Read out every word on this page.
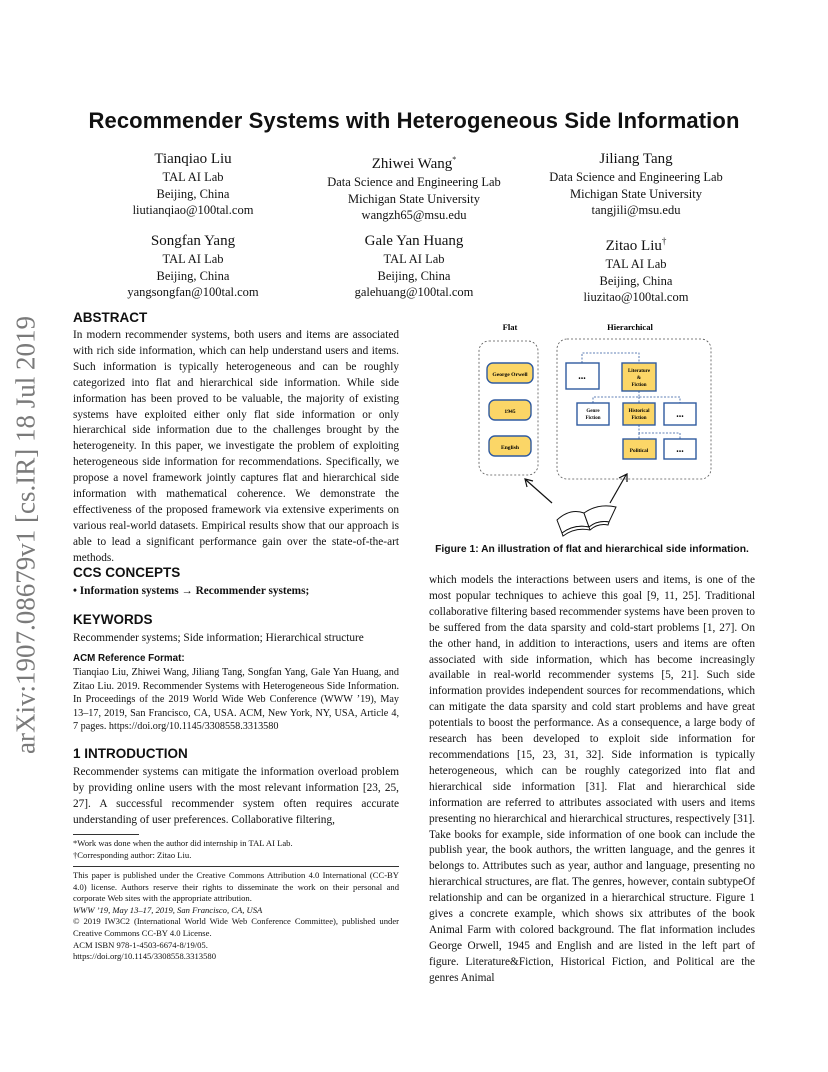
Recommender Systems with Heterogeneous Side Information
Tianqiao Liu
TAL AI Lab
Beijing, China
liutianqiao@100tal.com
Zhiwei Wang*
Data Science and Engineering Lab
Michigan State University
wangzh65@msu.edu
Jiliang Tang
Data Science and Engineering Lab
Michigan State University
tangjili@msu.edu
Songfan Yang
TAL AI Lab
Beijing, China
yangsongfan@100tal.com
Gale Yan Huang
TAL AI Lab
Beijing, China
galehuang@100tal.com
Zitao Liu†
TAL AI Lab
Beijing, China
liuzitao@100tal.com
arXiv:1907.08679v1 [cs.IR] 18 Jul 2019 ABSTRACT
In modern recommender systems, both users and items are associated with rich side information, which can help understand users and items. Such information is typically heterogeneous and can be roughly categorized into flat and hierarchical side information. While side information has been proved to be valuable, the majority of existing systems have exploited either only flat side information or only hierarchical side information due to the challenges brought by the heterogeneity. In this paper, we investigate the problem of exploiting heterogeneous side information for recommendations. Specifically, we propose a novel framework jointly captures flat and hierarchical side information with mathematical coherence. We demonstrate the effectiveness of the proposed framework via extensive experiments on various real-world datasets. Empirical results show that our approach is able to lead a significant performance gain over the state-of-the-art methods.
CCS CONCEPTS
• Information systems → Recommender systems;
KEYWORDS
Recommender systems; Side information; Hierarchical structure
ACM Reference Format:
Tianqiao Liu, Zhiwei Wang, Jiliang Tang, Songfan Yang, Gale Yan Huang, and Zitao Liu. 2019. Recommender Systems with Heterogeneous Side Information. In Proceedings of the 2019 World Wide Web Conference (WWW ’19), May 13–17, 2019, San Francisco, CA, USA. ACM, New York, NY, USA, Article 4, 7 pages. https://doi.org/10.1145/3308558.3313580
1 INTRODUCTION
Recommender systems can mitigate the information overload problem by providing online users with the most relevant information [23, 25, 27]. A successful recommender system often requires accurate understanding of user preferences. Collaborative filtering,
*Work was done when the author did internship in TAL AI Lab.
†Corresponding author: Zitao Liu.
This paper is published under the Creative Commons Attribution 4.0 International (CC-BY 4.0) license. Authors reserve their rights to disseminate the work on their personal and corporate Web sites with the appropriate attribution.
WWW ’19, May 13–17, 2019, San Francisco, CA, USA
© 2019 IW3C2 (International World Wide Web Conference Committee), published under Creative Commons CC-BY 4.0 License.
ACM ISBN 978-1-4503-6674-8/19/05.
https://doi.org/10.1145/3308558.3313580
Flat	Hierarchical
George Orwell
1945
English
...	Literature
&
Fiction
Genre
Fiction
Historical
Fiction	...
Political	...
Figure 1: An illustration of flat and hierarchical side information.
which models the interactions between users and items, is one of the most popular techniques to achieve this goal [9, 11, 25]. Traditional collaborative filtering based recommender systems have been proven to be suffered from the data sparsity and cold-start problems [1, 27]. On the other hand, in addition to interactions, users and items are often associated with side information, which has become increasingly available in real-world recommender systems [5, 21]. Such side information provides independent sources for recommendations, which can mitigate the data sparsity and cold start problems and have great potentials to boost the performance. As a consequence, a large body of research has been developed to exploit side information for recommendations [15, 23, 31, 32]. Side information is typically heterogeneous, which can be roughly categorized into flat and hierarchical side information [31]. Flat and hierarchical side information are referred to attributes associated with users and items presenting no hierarchical and hierarchical structures, respectively [31]. Take books for example, side information of one book can include the publish year, the book authors, the written language, and the genres it belongs to. Attributes such as year, author and language, presenting no hierarchical structures, are flat. The genres, however, contain subtypeOf relationship and can be organized in a hierarchical structure. Figure 1 gives a concrete example, which shows six attributes of the book Animal Farm with colored background. The flat information includes George Orwell, 1945 and English and are listed in the left part of figure. Literature&Fiction, Historical Fiction, and Political are the genres Animal
